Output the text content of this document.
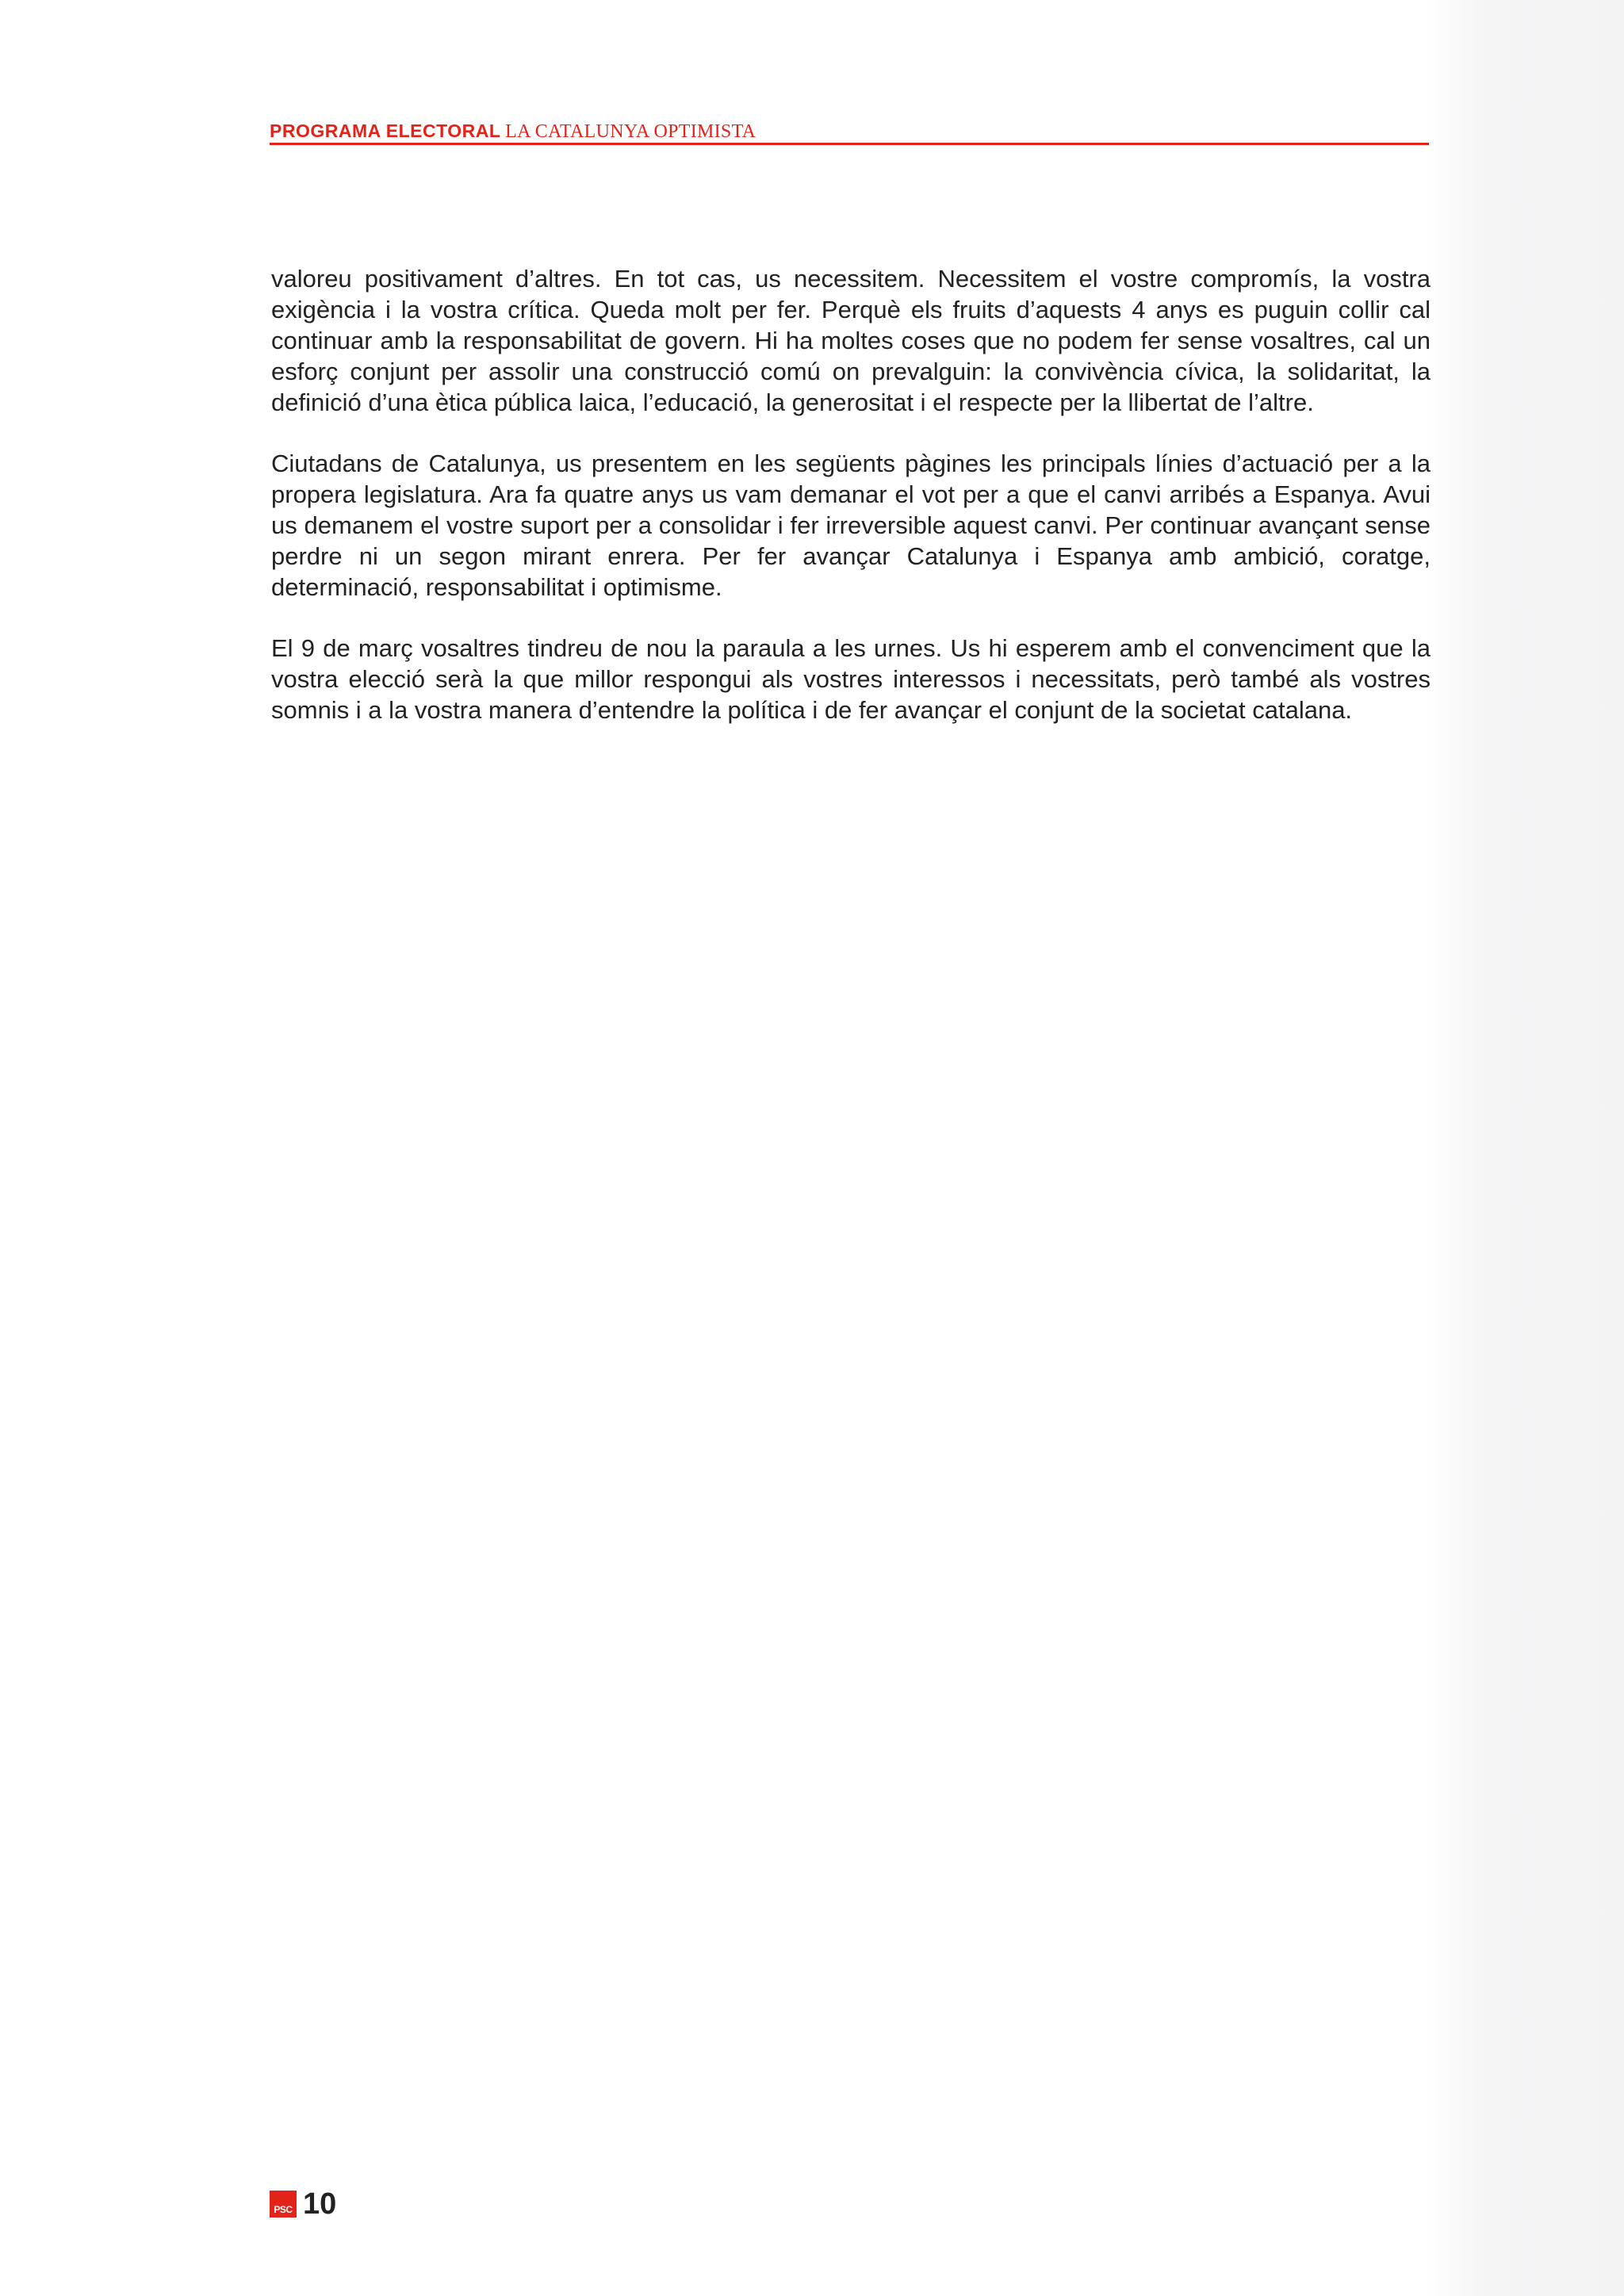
PROGRAMA ELECTORAL LA CATALUNYA OPTIMISTA

valoreu positivament d’altres. En tot cas, us necessitem. Necessitem el vostre compromís, la vostra exigència i la vostra crítica. Queda molt per fer. Perquè els fruits d’aquests 4 anys es puguin collir cal continuar amb la responsabilitat de govern. Hi ha moltes coses que no podem fer sense vosaltres, cal un esforç conjunt per assolir una construcció comú on prevalguin: la convivència cívica, la solidaritat, la definició d’una ètica pública laica, l’educació, la generositat i el respecte per la llibertat de l’altre.

Ciutadans de Catalunya, us presentem en les següents pàgines les principals línies d’actuació per a la propera legislatura. Ara fa quatre anys us vam demanar el vot per a que el canvi arribés a Espanya. Avui us demanem el vostre suport per a consolidar i fer irreversible aquest canvi. Per continuar avançant sense perdre ni un segon mirant enrera. Per fer avançar Catalunya i Espanya amb ambició, coratge, determinació, responsabilitat i optimisme.

El 9 de març vosaltres tindreu de nou la paraula a les urnes. Us hi esperem amb el convenciment que la vostra elecció serà la que millor respongui als vostres interessos i necessitats, però també als vostres somnis i a la vostra manera d’entendre la política i de fer avançar el conjunt de la societat catalana.

PSC 10
